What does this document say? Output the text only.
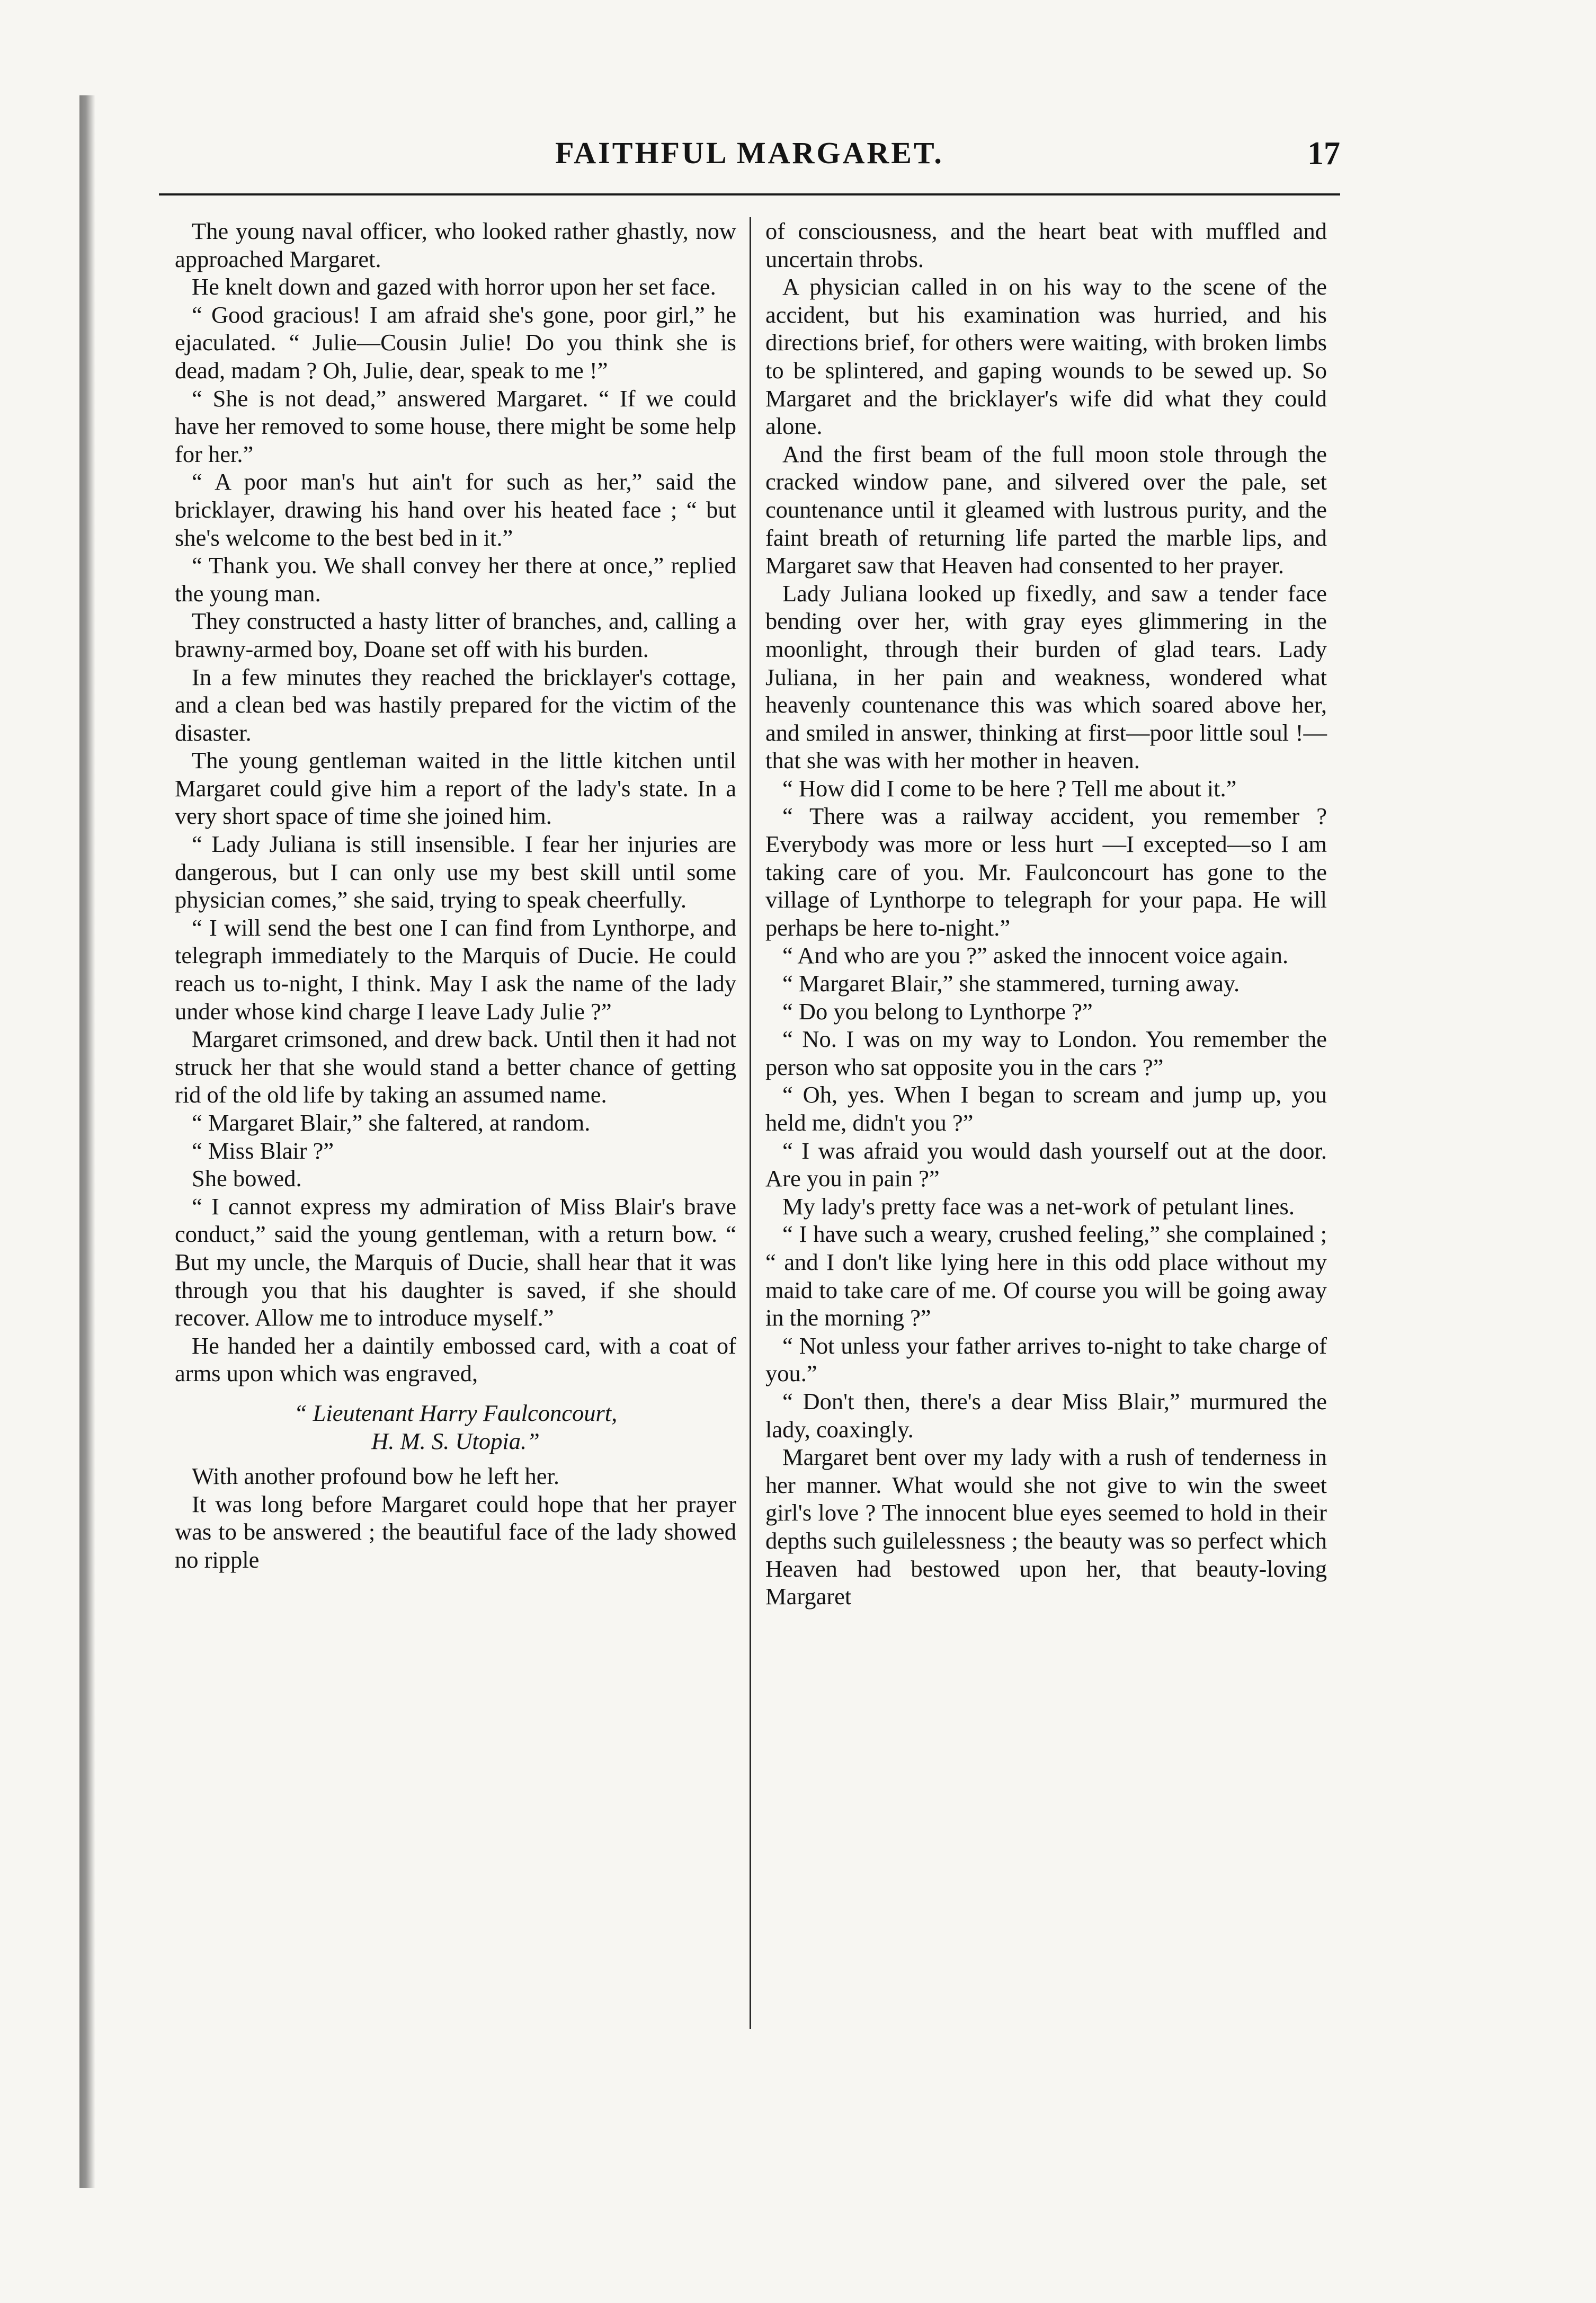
FAITHFUL MARGARET.	17

The young naval officer, who looked rather ghastly, now approached Margaret.

He knelt down and gazed with horror upon her set face.

“ Good gracious! I am afraid she's gone, poor girl,” he ejaculated. “ Julie—Cousin Julie! Do you think she is dead, madam ? Oh, Julie, dear, speak to me !”

“ She is not dead,” answered Margaret. “ If we could have her removed to some house, there might be some help for her.”

“ A poor man's hut ain't for such as her,” said the bricklayer, drawing his hand over his heated face ; “ but she's welcome to the best bed in it.”

“ Thank you. We shall convey her there at once,” replied the young man.

They constructed a hasty litter of branches, and, calling a brawny-armed boy, Doane set off with his burden.

In a few minutes they reached the bricklayer's cottage, and a clean bed was hastily prepared for the victim of the disaster.

The young gentleman waited in the little kitchen until Margaret could give him a report of the lady's state. In a very short space of time she joined him.

“ Lady Juliana is still insensible. I fear her injuries are dangerous, but I can only use my best skill until some physician comes,” she said, trying to speak cheerfully.

“ I will send the best one I can find from Lynthorpe, and telegraph immediately to the Marquis of Ducie. He could reach us to-night, I think. May I ask the name of the lady under whose kind charge I leave Lady Julie ?”

Margaret crimsoned, and drew back. Until then it had not struck her that she would stand a better chance of getting rid of the old life by taking an assumed name.

“ Margaret Blair,” she faltered, at random.

“ Miss Blair ?”

She bowed.

“ I cannot express my admiration of Miss Blair's brave conduct,” said the young gentleman, with a return bow. “ But my uncle, the Marquis of Ducie, shall hear that it was through you that his daughter is saved, if she should recover. Allow me to introduce myself.”

He handed her a daintily embossed card, with a coat of arms upon which was engraved,

“ Lieutenant Harry Faulconcourt,
H. M. S. Utopia.”

With another profound bow he left her.

It was long before Margaret could hope that her prayer was to be answered ; the beautiful face of the lady showed no ripple

of consciousness, and the heart beat with muffled and uncertain throbs.

A physician called in on his way to the scene of the accident, but his examination was hurried, and his directions brief, for others were waiting, with broken limbs to be splintered, and gaping wounds to be sewed up. So Margaret and the bricklayer's wife did what they could alone.

And the first beam of the full moon stole through the cracked window pane, and silvered over the pale, set countenance until it gleamed with lustrous purity, and the faint breath of returning life parted the marble lips, and Margaret saw that Heaven had consented to her prayer.

Lady Juliana looked up fixedly, and saw a tender face bending over her, with gray eyes glimmering in the moonlight, through their burden of glad tears. Lady Juliana, in her pain and weakness, wondered what heavenly countenance this was which soared above her, and smiled in answer, thinking at first—poor little soul !—that she was with her mother in heaven.

“ How did I come to be here ? Tell me about it.”

“ There was a railway accident, you remember ? Everybody was more or less hurt —I excepted—so I am taking care of you. Mr. Faulconcourt has gone to the village of Lynthorpe to telegraph for your papa. He will perhaps be here to-night.”

“ And who are you ?” asked the innocent voice again.

“ Margaret Blair,” she stammered, turning away.

“ Do you belong to Lynthorpe ?”

“ No. I was on my way to London. You remember the person who sat opposite you in the cars ?”

“ Oh, yes. When I began to scream and jump up, you held me, didn't you ?”

“ I was afraid you would dash yourself out at the door. Are you in pain ?”

My lady's pretty face was a net-work of petulant lines.

“ I have such a weary, crushed feeling,” she complained ; “ and I don't like lying here in this odd place without my maid to take care of me. Of course you will be going away in the morning ?”

“ Not unless your father arrives to-night to take charge of you.”

“ Don't then, there's a dear Miss Blair,” murmured the lady, coaxingly.

Margaret bent over my lady with a rush of tenderness in her manner. What would she not give to win the sweet girl's love ? The innocent blue eyes seemed to hold in their depths such guilelessness ; the beauty was so perfect which Heaven had bestowed upon her, that beauty-loving Margaret
